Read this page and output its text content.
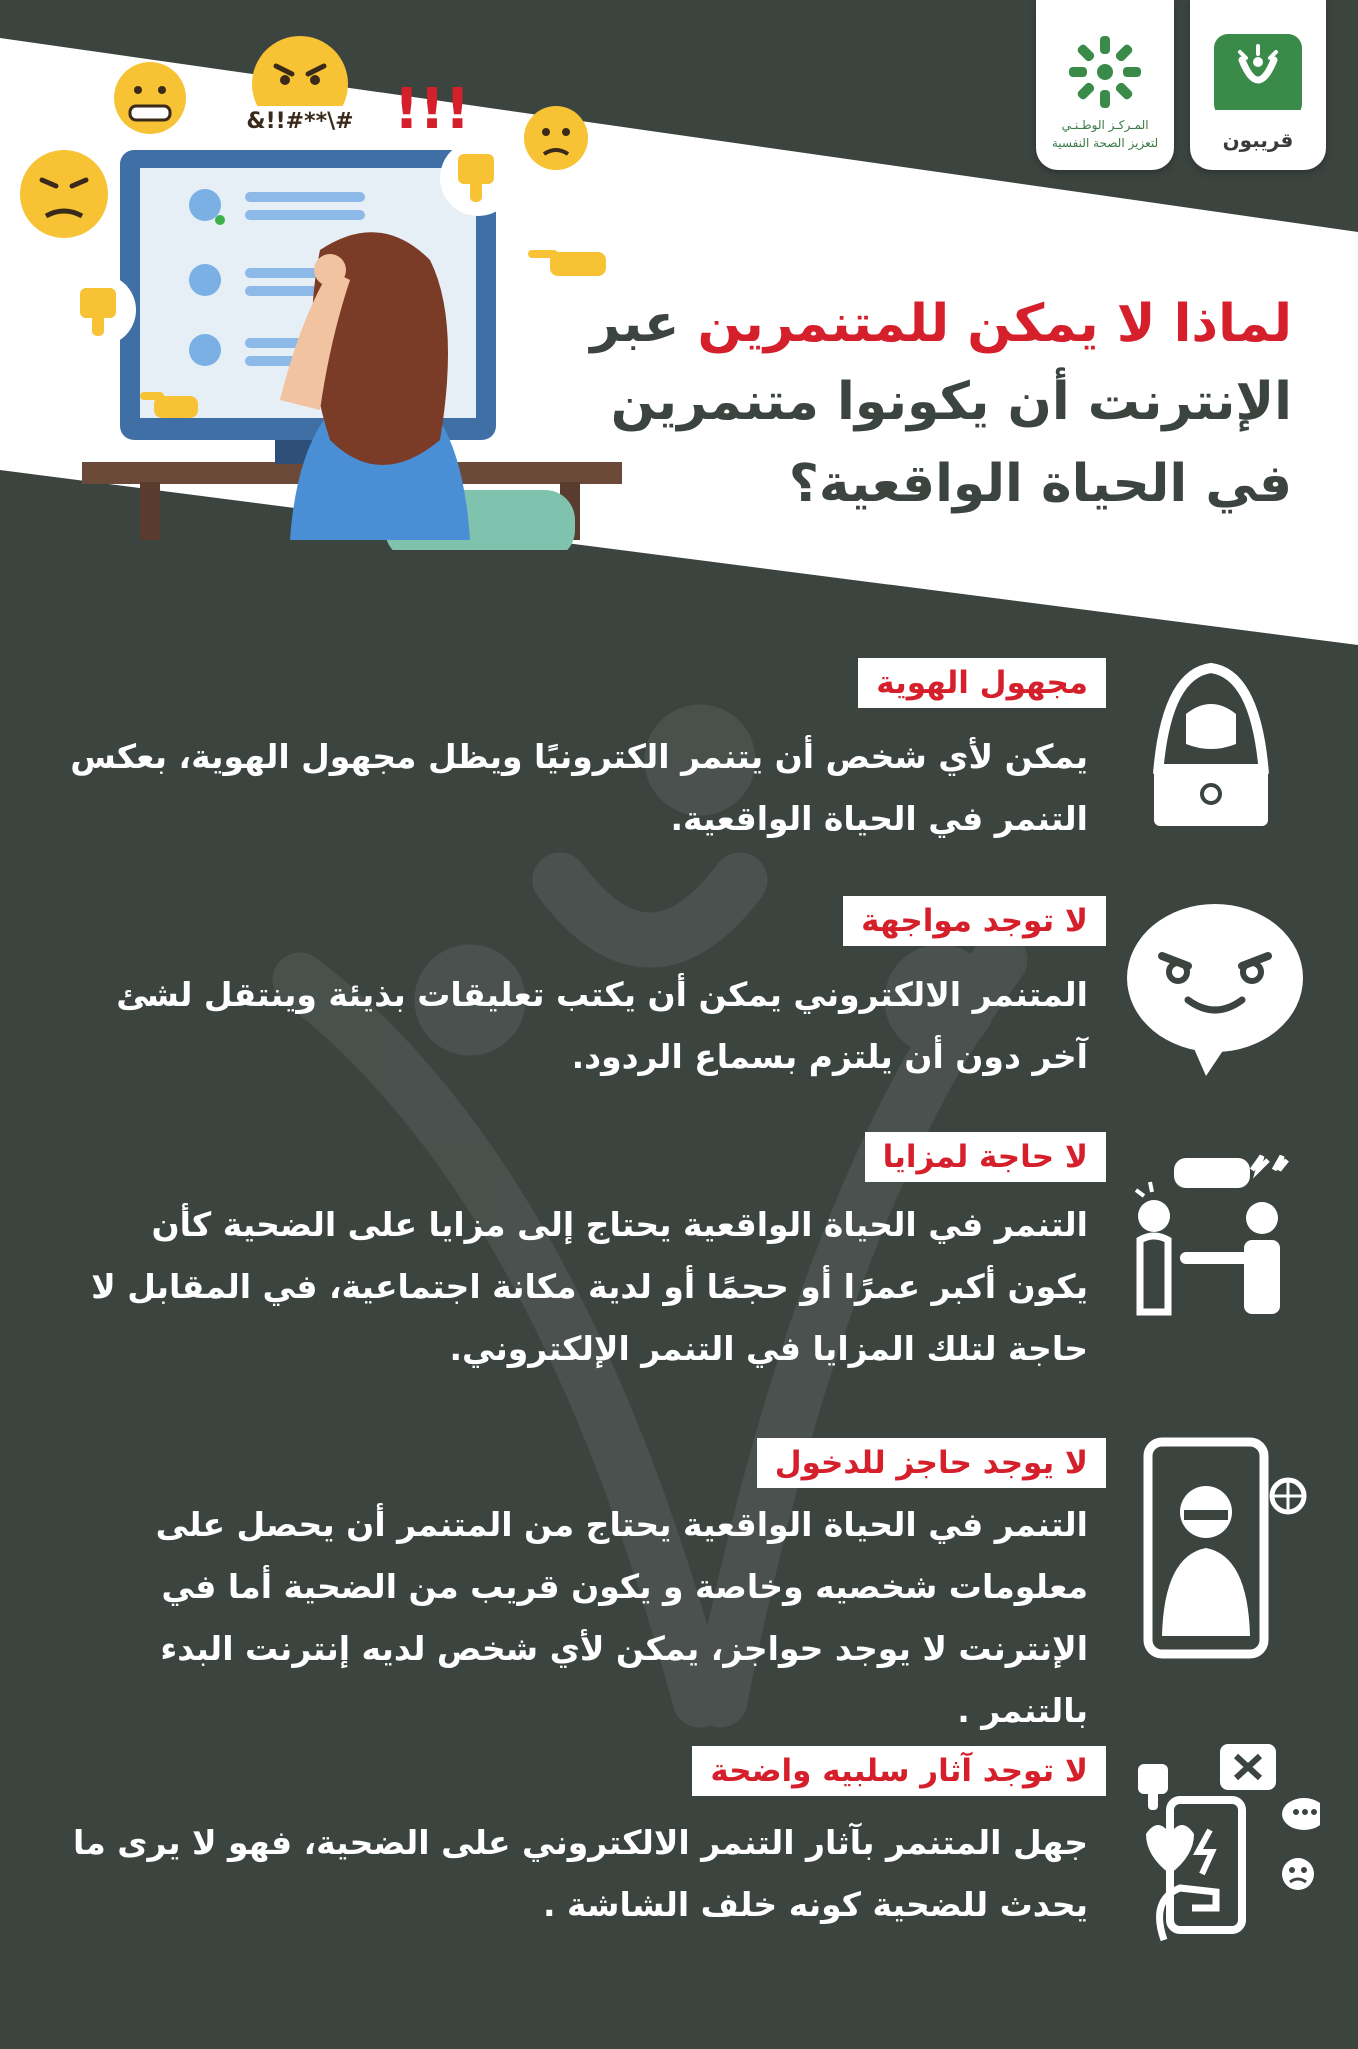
قريبون
المـركـز الوطـنـي
لتعزيز الصحة النفسية
&!!#**\# !!!
لماذا لا يمكن للمتنمرين عبر
الإنترنت أن يكونوا متنمرين
في الحياة الواقعية؟
مجهول الهوية
يمكن لأي شخص أن يتنمر الكترونيًا ويظل مجهول الهوية، بعكس التنمر في الحياة الواقعية.
لا توجد مواجهة
المتنمر الالكتروني يمكن أن يكتب تعليقات بذيئة وينتقل لشئ آخر دون أن يلتزم بسماع الردود.
لا حاجة لمزايا
التنمر في الحياة الواقعية يحتاج إلى مزايا على الضحية كأن يكون أكبر عمرًا أو حجمًا أو لدية مكانة اجتماعية، في المقابل لا حاجة لتلك المزايا في التنمر الإلكتروني.
لا يوجد حاجز للدخول
التنمر في الحياة الواقعية يحتاج من المتنمر أن يحصل على معلومات شخصيه وخاصة و يكون قريب من الضحية أما في الإنترنت لا يوجد حواجز، يمكن لأي شخص لديه إنترنت البدء بالتنمر .
لا توجد آثار سلبيه واضحة
جهل المتنمر بآثار التنمر الالكتروني على الضحية، فهو لا يرى ما يحدث للضحية كونه خلف الشاشة .
